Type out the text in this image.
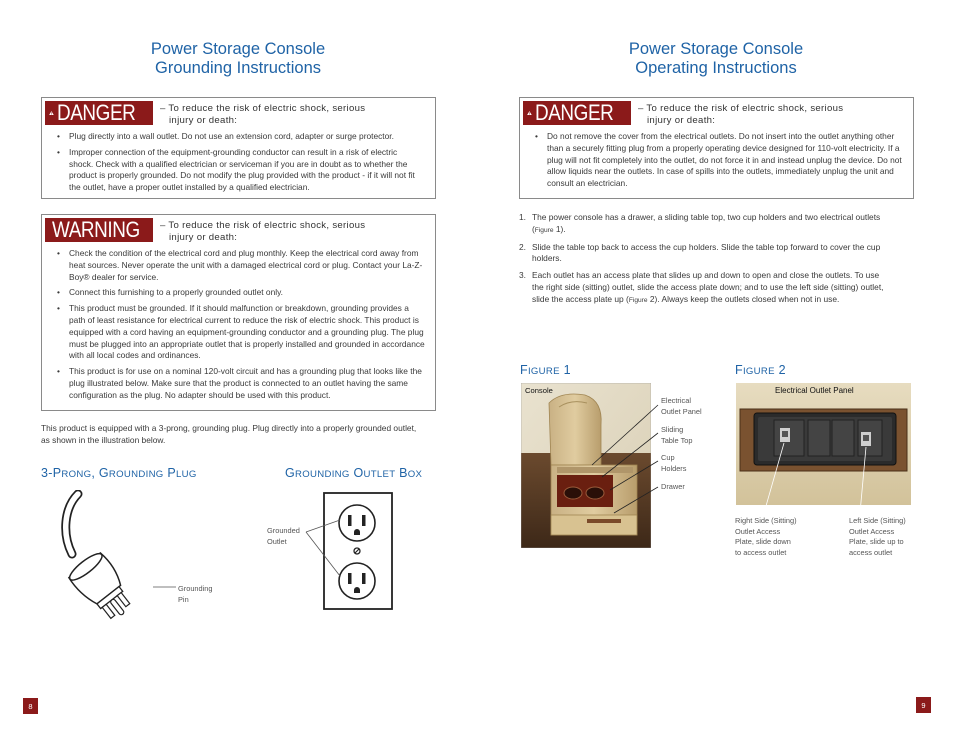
Power Storage Console
Grounding Instructions
DANGER	– To reduce the risk of electric shock, serious
injury or death:
• Plug directly into a wall outlet. Do not use an extension cord, adapter or surge protector.
• Improper connection of the equipment-grounding conductor can result in a risk of electric shock. Check with a qualified electrician or serviceman if you are in doubt as to whether the product is properly grounded. Do not modify the plug provided with the product - if it will not fit the outlet, have a proper outlet installed by a qualified electrician.
WARNING – To reduce the risk of electric shock, serious
injury or death:
• Check the condition of the electrical cord and plug monthly. Keep the electrical cord away from heat sources. Never operate the unit with a damaged electrical cord or plug. Contact your La-Z-Boy® dealer for service.
• Connect this furnishing to a properly grounded outlet only.
• This product must be grounded. If it should malfunction or breakdown, grounding provides a path of least resistance for electrical current to reduce the risk of electric shock. This product is equipped with a cord having an equipment-grounding conductor and a grounding plug. The plug must be plugged into an appropriate outlet that is properly installed and grounded in accordance with all local codes and ordinances.
• This product is for use on a nominal 120-volt circuit and has a grounding plug that looks like the plug illustrated below. Make sure that the product is connected to an outlet having the same configuration as the plug. No adapter should be used with this product.
This product is equipped with a 3-prong, grounding plug. Plug directly into a properly grounded outlet, as shown in the illustration below.
3-PRONG, GROUNDING PLUG	GROUNDING OUTLET BOX
Grounding
Pin
Grounded
Outlet
8
Power Storage Console
Operating Instructions
DANGER	– To reduce the risk of electric shock, serious
injury or death:
• Do not remove the cover from the electrical outlets. Do not insert into the outlet anything other than a securely fitting plug from a properly operating device designed for 110-volt electricity. If a plug will not fit completely into the outlet, do not force it in and instead unplug the device. Do not allow liquids near the outlets. In case of spills into the outlets, immediately unplug the unit and consult an electrician.
1. The power console has a drawer, a sliding table top, two cup holders and two electrical outlets (Figure 1).
2. Slide the table top back to access the cup holders. Slide the table top forward to cover the cup holders.
3. Each outlet has an access plate that slides up and down to open and close the outlets. To use the right side (sitting) outlet, slide the access plate down; and to use the left side (sitting) outlet, slide the access plate up (Figure 2). Always keep the outlets closed when not in use.
FIGURE 1	FIGURE 2
Console
Electrical
Outlet Panel
Sliding
Table Top
Cup
Holders
Drawer
Electrical Outlet Panel
Right Side (Sitting)
Outlet Access
Plate, slide down
to access outlet
Left Side (Sitting)
Outlet Access
Plate, slide up to
access outlet
9
